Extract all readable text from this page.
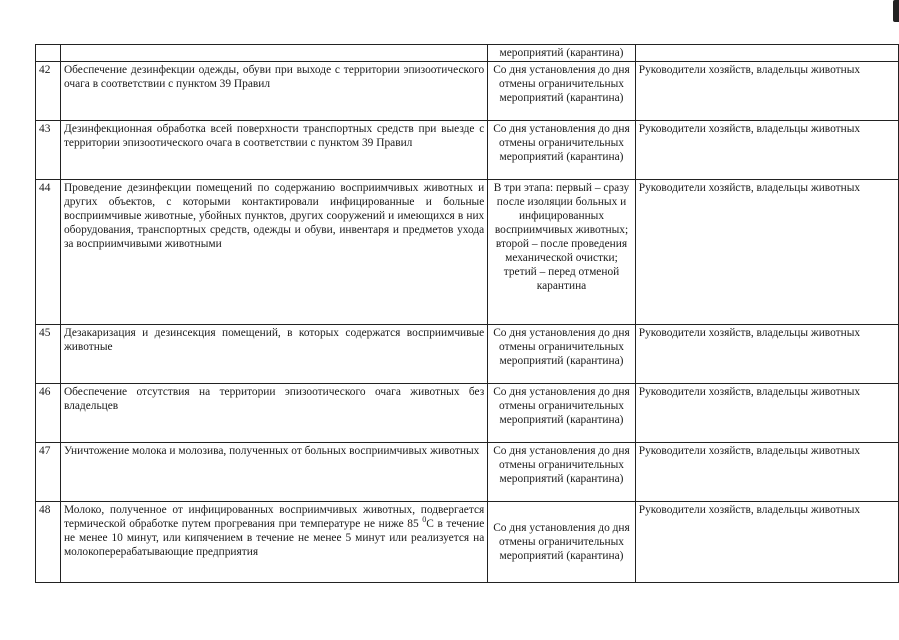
		мероприятий (карантина)	
42	Обеспечение дезинфекции одежды, обуви при выходе с территории эпизоотического очага в соответствии с пунктом 39 Правил	Со дня установления до дня отмены ограничительных мероприятий (карантина)	Руководители хозяйств, владельцы животных
43	Дезинфекционная обработка всей поверхности транспортных средств при выезде с территории эпизоотического очага в соответствии с пунктом 39 Правил	Со дня установления до дня отмены ограничительных мероприятий (карантина)	Руководители хозяйств, владельцы животных
44	Проведение дезинфекции помещений по содержанию восприимчивых животных и других объектов, с которыми контактировали инфицированные и больные восприимчивые животные, убойных пунктов, других сооружений и имеющихся в них оборудования, транспортных средств, одежды и обуви, инвентаря и предметов ухода за восприимчивыми животными	В три этапа: первый – сразу после изоляции больных и инфицированных восприимчивых животных; второй – после проведения механической очистки; третий – перед отменой карантина	Руководители хозяйств, владельцы животных
45	Дезакаризация и дезинсекция помещений, в которых содержатся восприимчивые животные	Со дня установления до дня отмены ограничительных мероприятий (карантина)	Руководители хозяйств, владельцы животных
46	Обеспечение отсутствия на территории эпизоотического очага животных без владельцев	Со дня установления до дня отмены ограничительных мероприятий (карантина)	Руководители хозяйств, владельцы животных
47	Уничтожение молока и молозива, полученных от больных восприимчивых животных	Со дня установления до дня отмены ограничительных мероприятий (карантина)	Руководители хозяйств, владельцы животных
48	Молоко, полученное от инфицированных восприимчивых животных, подвергается термической обработке путем прогревания при температуре не ниже 85 $^0$С в течение не менее 10 минут, или кипячением в течение не менее 5 минут или реализуется на молокоперерабатывающие предприятия	Со дня установления до дня отмены ограничительных мероприятий (карантина)	Руководители хозяйств, владельцы животных
